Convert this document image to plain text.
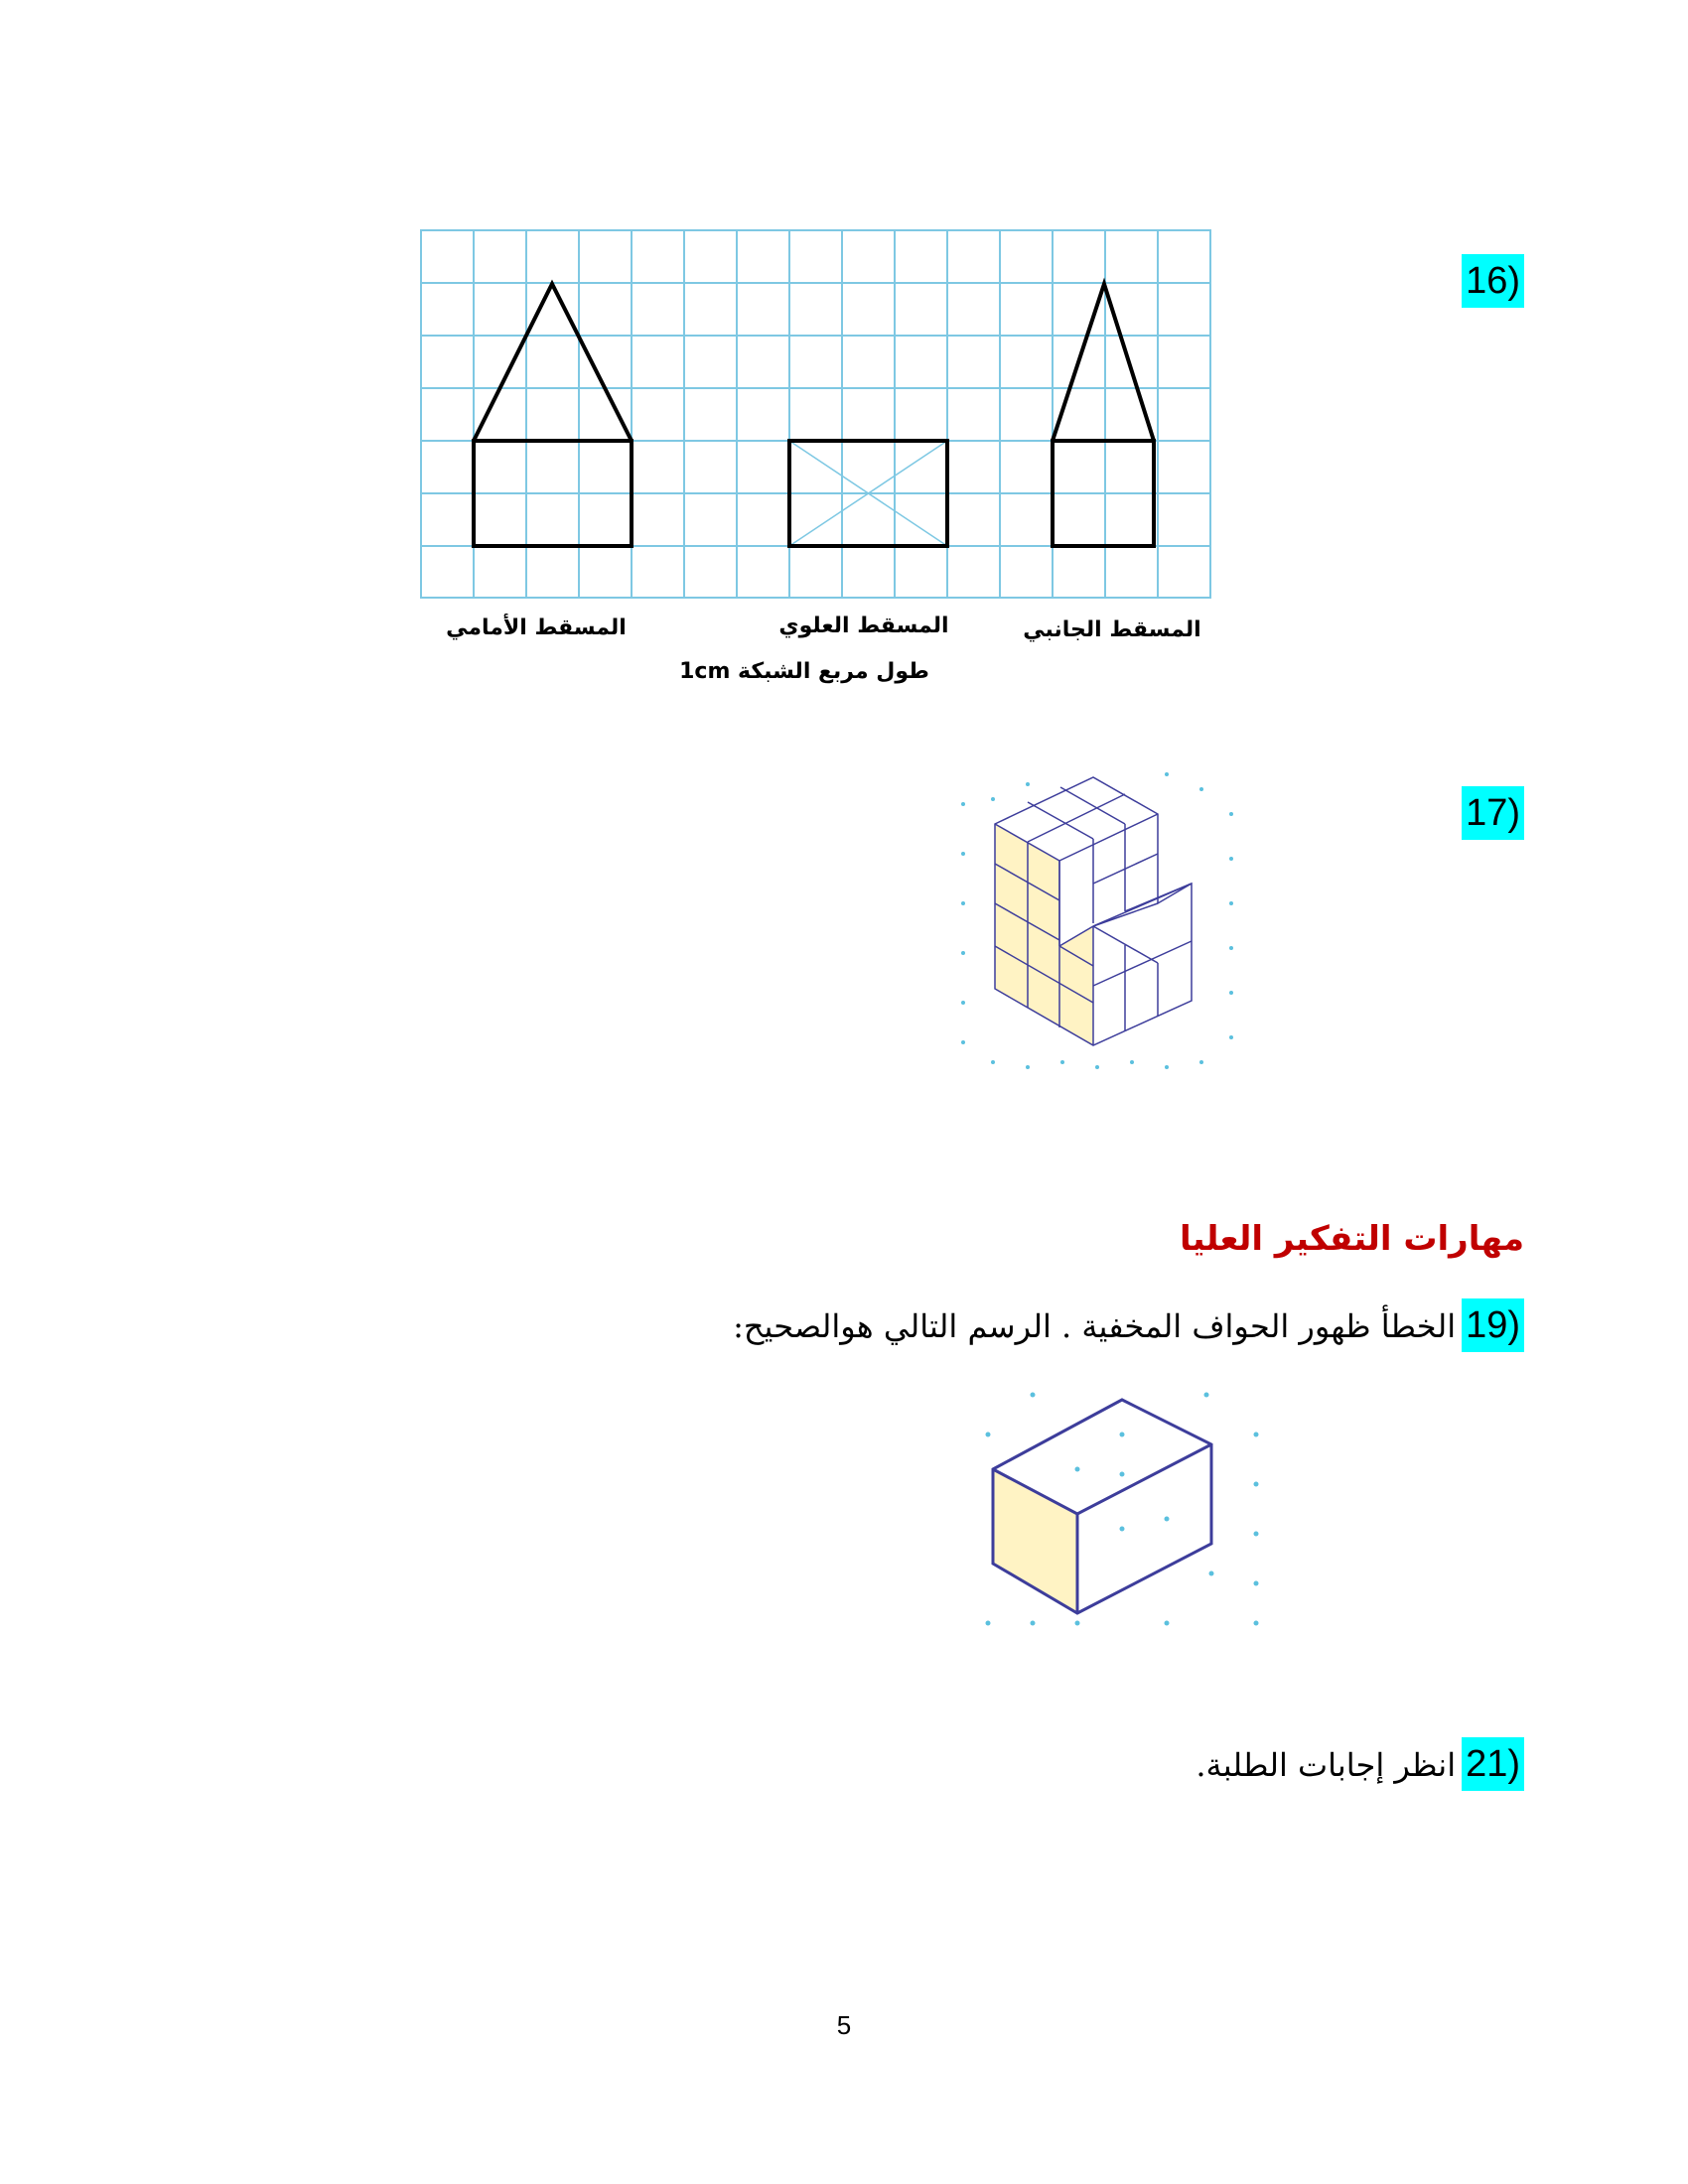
16)
المسقط الأمامي	المسقط العلوي	المسقط الجانبي
طول مربع الشبكة 1cm
17)
مهارات التفكير العليا
19)الخطأ ظهور الحواف المخفية . الرسم التالي هوالصحيح:
21)انظر إجابات الطلبة.
5
